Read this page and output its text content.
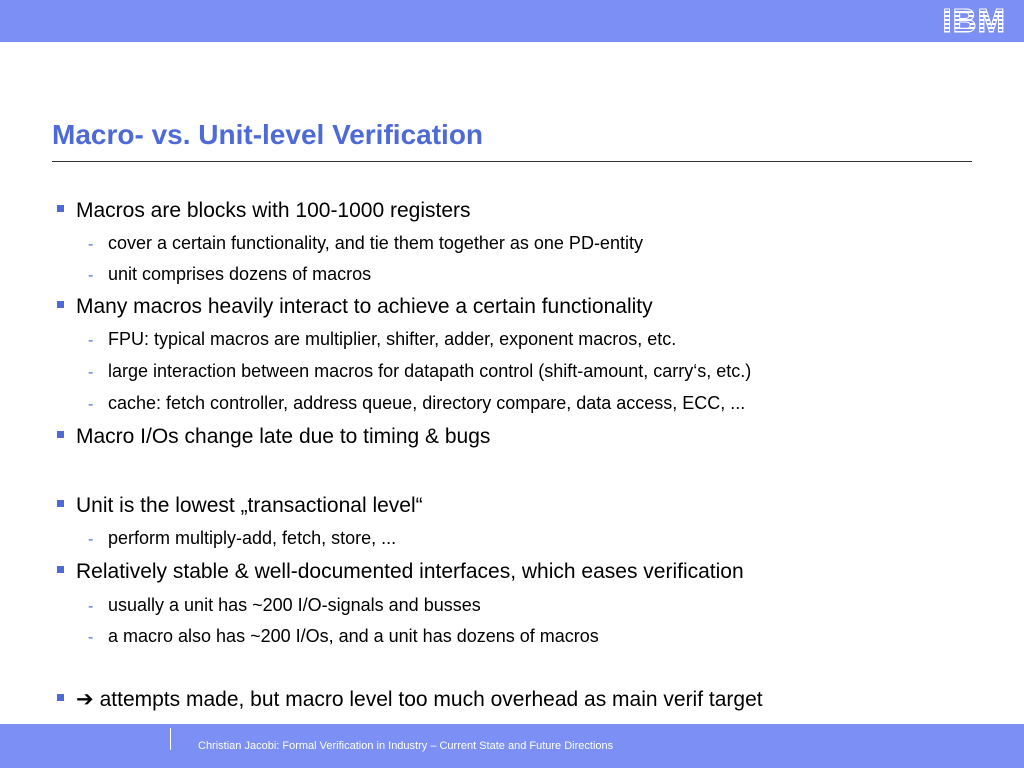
IBM
Macro- vs. Unit-level Verification
Macros are blocks with 100-1000 registers
- cover a certain functionality, and tie them together as one PD-entity
- unit comprises dozens of macros
Many macros heavily interact to achieve a certain functionality
- FPU: typical macros are multiplier, shifter, adder, exponent macros, etc.
- large interaction between macros for datapath control (shift-amount, carry‘s, etc.)
- cache: fetch controller, address queue, directory compare, data access, ECC, ...
Macro I/Os change late due to timing & bugs
Unit is the lowest „transactional level“
- perform multiply-add, fetch, store, ...
Relatively stable & well-documented interfaces, which eases verification
- usually a unit has ~200 I/O-signals and busses
- a macro also has ~200 I/Os, and a unit has dozens of macros
➔ attempts made, but macro level too much overhead as main verif target
Christian Jacobi: Formal Verification in Industry – Current State and Future Directions
